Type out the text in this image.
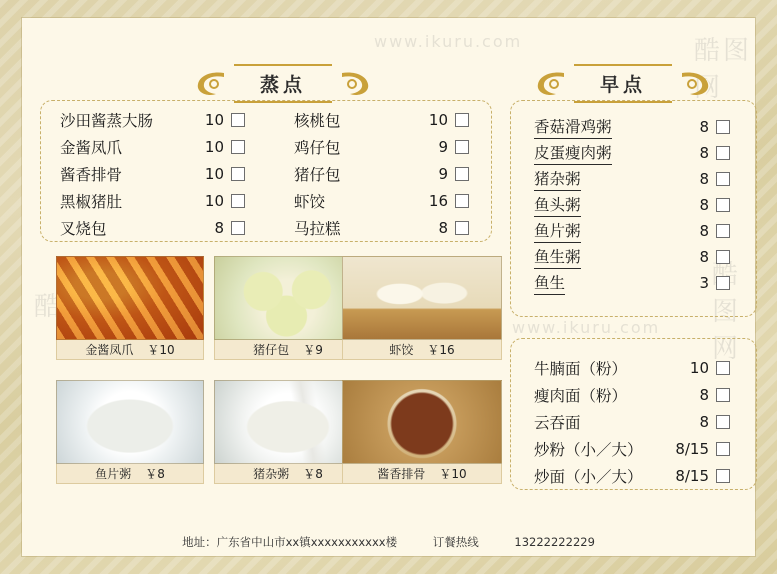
www.ikuru.com	酷图网
www.ikuru.com
酷图网
蒸点	早点
沙田酱蒸大肠	10
金酱凤爪	10
酱香排骨	10
黑椒猪肚	10
叉烧包	8
核桃包	10
鸡仔包	9
猪仔包	9
虾饺	16
马拉糕	8
香菇滑鸡粥	8
皮蛋瘦肉粥	8
猪杂粥	8
鱼头粥	8
鱼片粥	8
鱼生粥	8
鱼生	3
牛腩面（粉）	10
瘦肉面（粉）	8
云吞面	8
炒粉（小／大） 8/15
炒面（小／大） 8/15
金酱凤爪 ￥10	猪仔包 ￥9	虾饺 ￥16
鱼片粥 ￥8	猪杂粥 ￥8	酱香排骨 ￥10
地址：广东省中山市xx镇xxxxxxxxxxx楼	订餐热线	13222222229
